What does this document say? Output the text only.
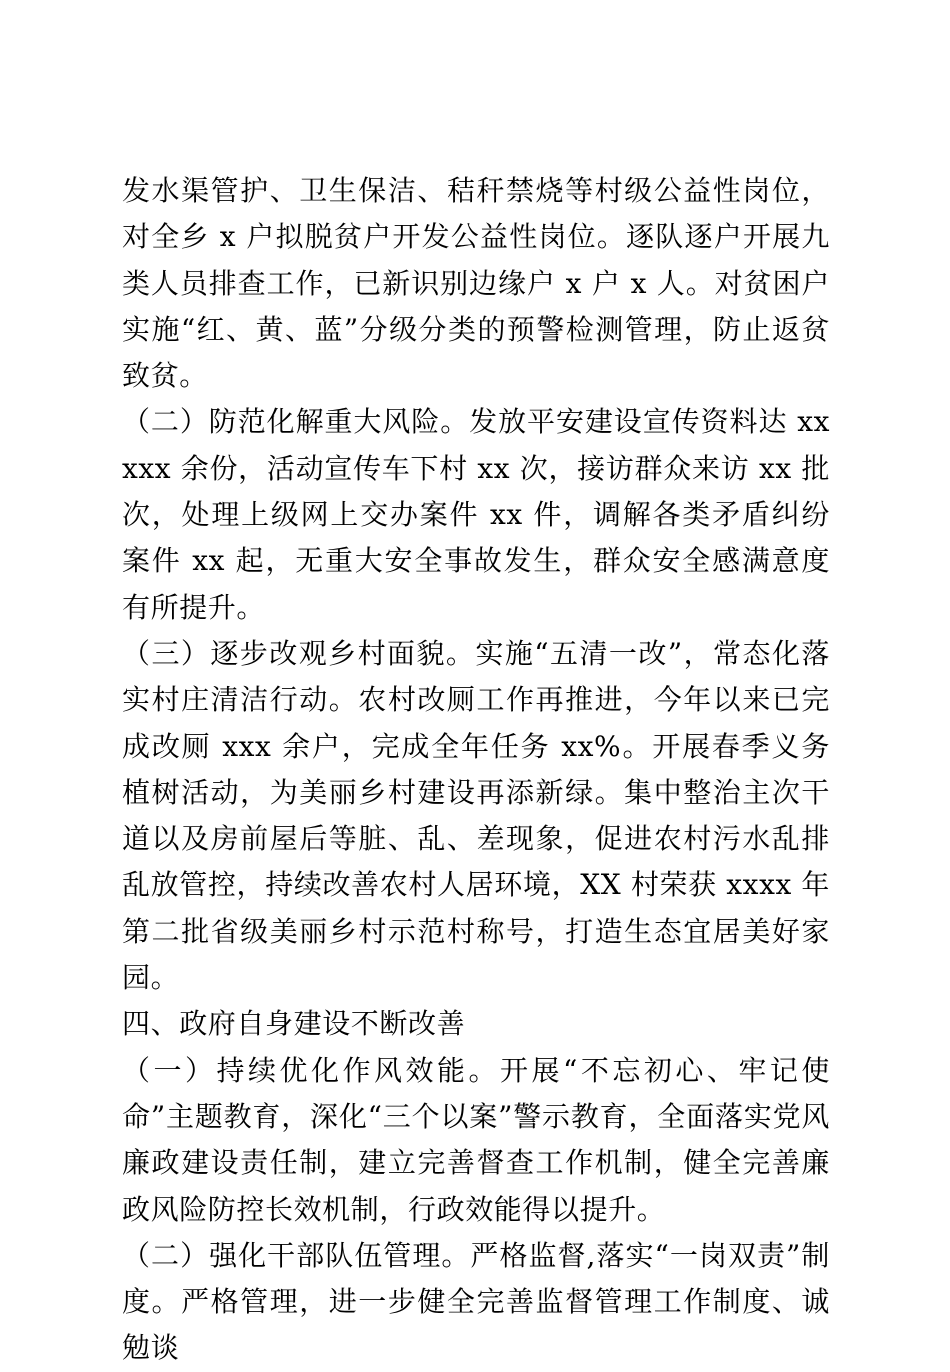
发水渠管护、卫生保洁、秸秆禁烧等村级公益性岗位，对全乡 x 户拟脱贫户开发公益性岗位。逐队逐户开展九类人员排查工作，已新识别边缘户 x 户 x 人。对贫困户实施“红、黄、蓝”分级分类的预警检测管理，防止返贫致贫。

（二）防范化解重大风险。发放平安建设宣传资料达 xxxxx 余份，活动宣传车下村 xx 次，接访群众来访 xx 批次，处理上级网上交办案件 xx 件，调解各类矛盾纠纷案件 xx 起，无重大安全事故发生，群众安全感满意度有所提升。

（三）逐步改观乡村面貌。实施“五清一改”，常态化落实村庄清洁行动。农村改厕工作再推进，今年以来已完成改厕 xxx 余户，完成全年任务 xx%。开展春季义务植树活动，为美丽乡村建设再添新绿。集中整治主次干道以及房前屋后等脏、乱、差现象，促进农村污水乱排乱放管控，持续改善农村人居环境，XX 村荣获 xxxx 年第二批省级美丽乡村示范村称号，打造生态宜居美好家园。

四、政府自身建设不断改善

（一）持续优化作风效能。开展“不忘初心、牢记使命”主题教育，深化“三个以案”警示教育，全面落实党风廉政建设责任制，建立完善督查工作机制，健全完善廉政风险防控长效机制，行政效能得以提升。

（二）强化干部队伍管理。严格监督,落实“一岗双责”制度。严格管理，进一步健全完善监督管理工作制度、诚勉谈
